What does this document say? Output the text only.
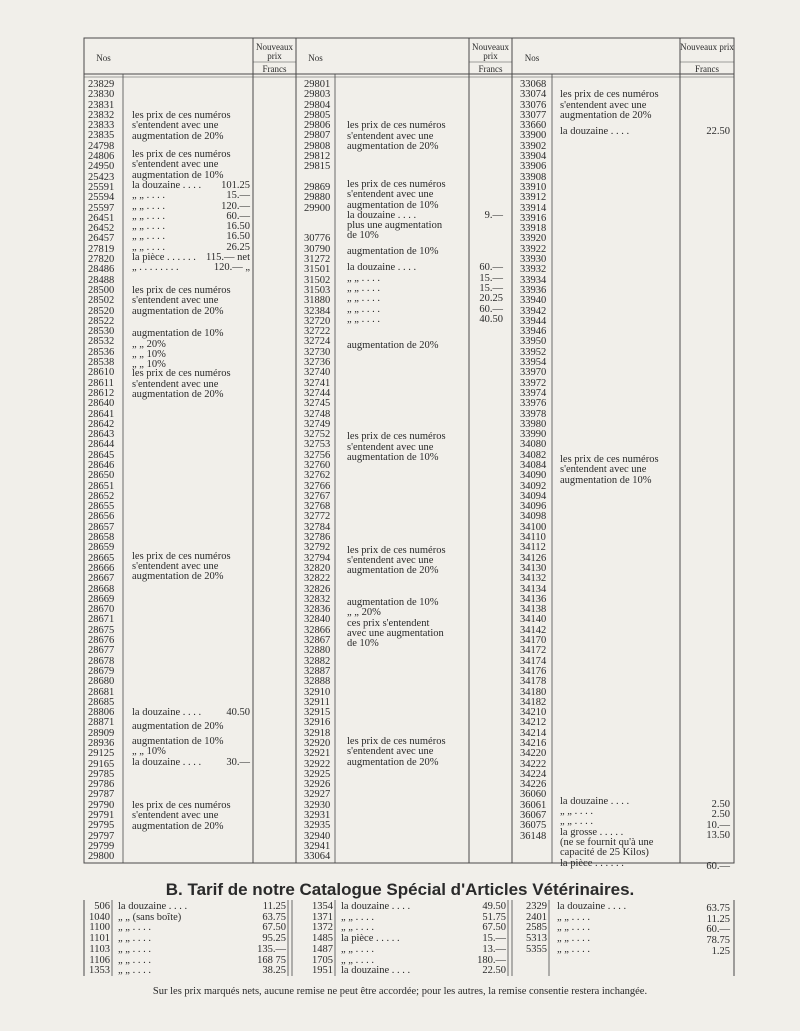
Nos
Nouveaux prix
Francs
Nos
Nouveaux prix
Francs
Nos
Nouveaux prix
Francs
23829
23830
23831
23832
23833
23835
24798
24806
24950
25423
25591
25594
25597
26451
26452
26457
27819
27820
28486
28488
28500
28502
28520
28522
28530
28532
28536
28538
28610
28611
28612
28640
28641
28642
28643
28644
28645
28646
28650
28651
28652
28655
28656
28657
28658
28659
28665
28666
28667
28668
28669
28670
28671
28675
28676
28677
28678
28679
28680
28681
28685
28806
28871
28909
28936
29125
29165
29785
29786
29787
29790
29791
29795
29797
29799
29800
les prix de ces numéros
s'entendent avec une
augmentation de 20%
les prix de ces numéros
s'entendent avec une
augmentation de 10%
la douzaine . . . .
„ „ . . . .
„ „ . . . .
„ „ . . . .
„ „ . . . .
„ „ . . . .
„ „ . . . .
la pièce . . . . . .
„ . . . . . . . .
les prix de ces numéros
s'entendent avec une
augmentation de 20%
augmentation de 10%
„ „ 20%
„ „ 10%
„ „ 10%
les prix de ces numéros
s'entendent avec une
augmentation de 20%
les prix de ces numéros
s'entendent avec une
augmentation de 20%
la douzaine . . . .
augmentation de 20%
augmentation de 10%
„ „ 10%
la douzaine . . . .
les prix de ces numéros
s'entendent avec une
augmentation de 20%
101.25
15.—
120.—
60.—
16.50
16.50
26.25
115.— net
120.— „
40.50
30.—
29801
29803
29804
29805
29806
29807
29808
29812
29815

29869
29880
29900

30776
30790
31272
31501
31502
31503
31880
32384
32720
32722
32724
32730
32736
32740
32741
32744
32745
32748
32749
32752
32753
32756
32760
32762
32766
32767
32768
32772
32784
32786
32792
32794
32820
32822
32826
32832
32836
32840
32866
32867
32880
32882
32887
32888
32910
32911
32915
32916
32918
32920
32921
32922
32925
32926
32927
32930
32931
32935
32940
32941
33064
les prix de ces numéros
s'entendent avec une
augmentation de 20%
les prix de ces numéros
s'entendent avec une
augmentation de 10%
la douzaine . . . .
plus une augmentation
de 10%
augmentation de 10%
la douzaine . . . .
„ „ . . . .
„ „ . . . .
„ „ . . . .
„ „ . . . .
„ „ . . . .
augmentation de 20%
les prix de ces numéros
s'entendent avec une
augmentation de 10%
les prix de ces numéros
s'entendent avec une
augmentation de 20%
augmentation de 10%
„ „ 20%
ces prix s'entendent
avec une augmentation
de 10%
les prix de ces numéros
s'entendent avec une
augmentation de 20%
9.—
60.—
15.—
15.—
20.25
60.—
40.50
33068
33074
33076
33077
33660
33900
33902
33904
33906
33908
33910
33912
33914
33916
33918
33920
33922
33930
33932
33934
33936
33940
33942
33944
33946
33950
33952
33954
33970
33972
33974
33976
33978
33980
33990
34080
34082
34084
34090
34092
34094
34096
34098
34100
34110
34112
34126
34130
34132
34134
34136
34138
34140
34142
34170
34172
34174
34176
34178
34180
34182
34210
34212
34214
34216
34220
34222
34224
34226
36060
36061
36067
36075
36148
les prix de ces numéros
s'entendent avec une
augmentation de 20%
la douzaine . . . .
les prix de ces numéros
s'entendent avec une
augmentation de 10%
la douzaine . . . .
„ „ . . . .
„ „ . . . .
la grosse . . . . .
(ne se fournit qu'à une
capacité de 25 Kilos)
la pièce . . . . . .
22.50
2.50
2.50
10.—
13.50
60.—
B. Tarif de notre Catalogue Spécial d'Articles Vétérinaires.
506
1040
1100
1101
1103
1106
1353
la douzaine . . . .
„ „ (sans boîte)
„ „ . . . .
„ „ . . . .
„ „ . . . .
„ „ . . . .
„ „ . . . .
11.25
63.75
67.50
95.25
135.—
168 75
38.25
1354
1371
1372
1485
1487
1705
1951
la douzaine . . . .
„ „ . . . .
„ „ . . . .
la pièce . . . . .
„ „ . . . .
„ „ . . . .
la douzaine . . . .
49.50
51.75
67.50
15.—
13.—
180.—
22.50
2329
2401
2585
5313
5355
la douzaine . . . .
„ „ . . . .
„ „ . . . .
„ „ . . . .
„ „ . . . .
63.75
11.25
60.—
78.75
1.25
Sur les prix marqués nets, aucune remise ne peut être accordée; pour les autres, la remise consentie restera inchangée.
